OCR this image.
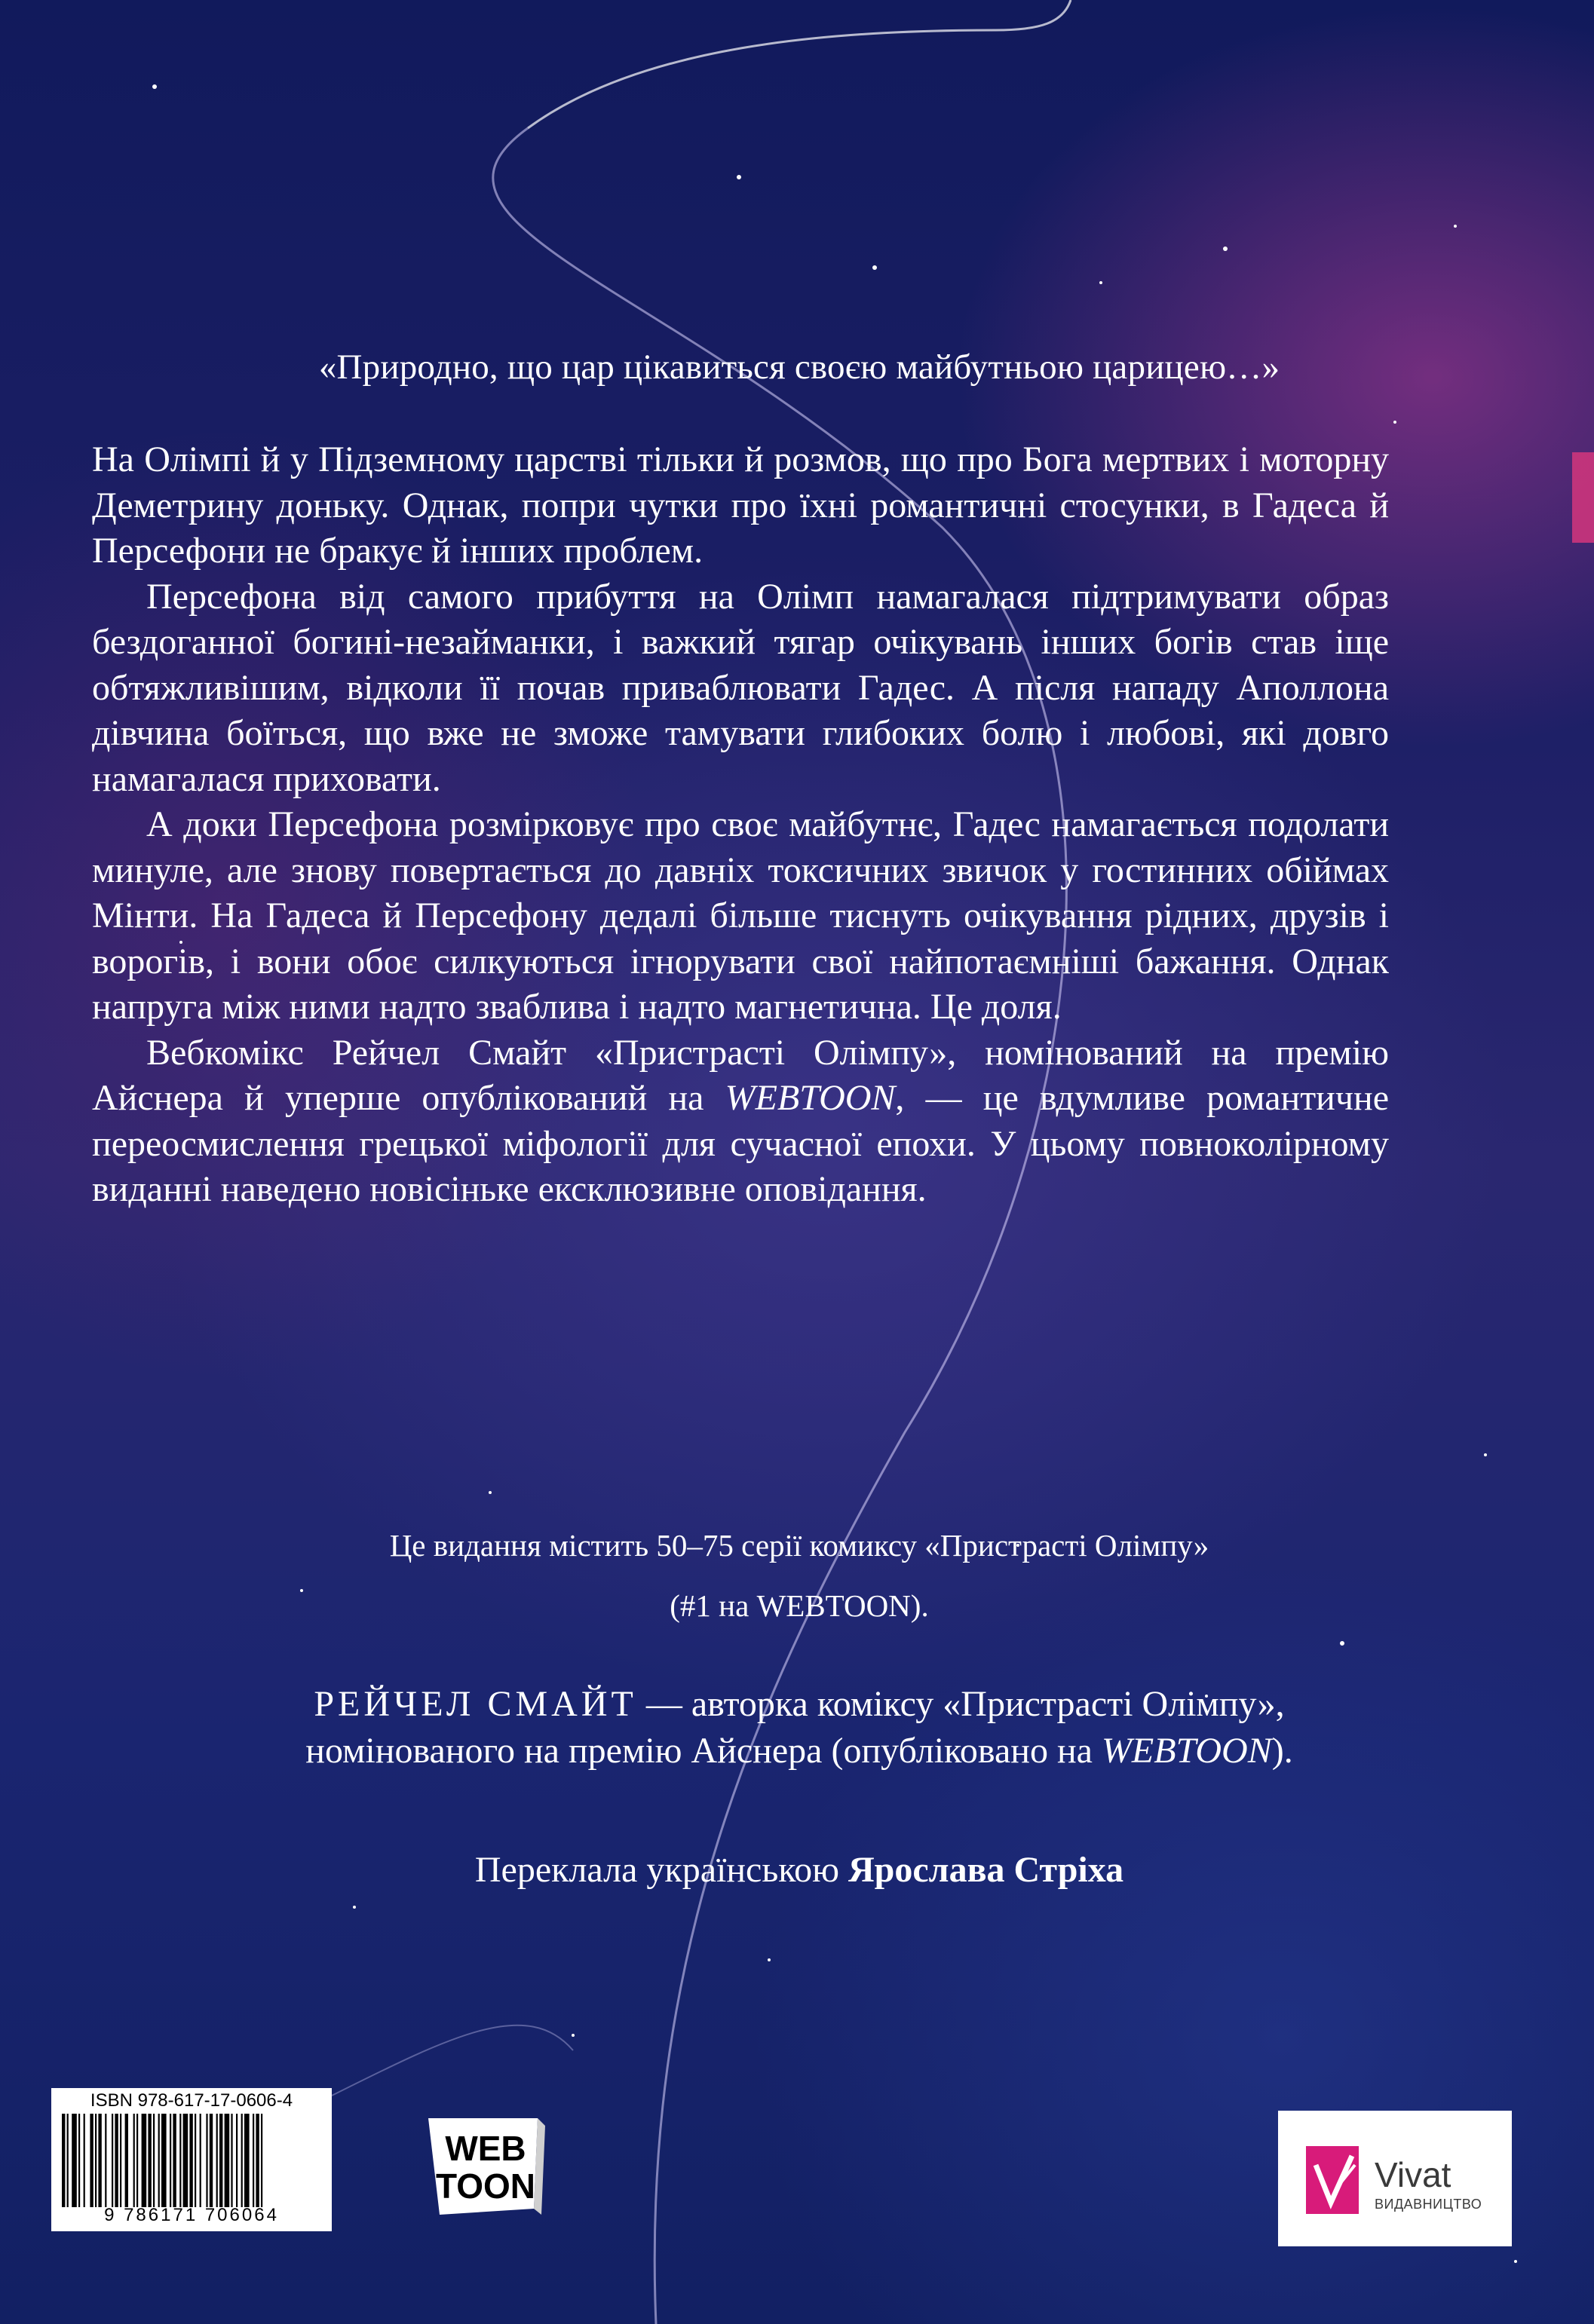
«Природно, що цар цікавиться своєю майбутньою царицею…»

На Олімпі й у Підземному царстві тільки й розмов, що про Бога мертвих і моторну Деметрину доньку. Однак, попри чутки про їхні романтичні стосунки, в Гадеса й Персефони не бракує й інших проблем.

Персефона від самого прибуття на Олімп намагалася підтримувати образ бездоганної богині-незайманки, і важкий тягар очікувань інших богів став іще обтяжливішим, відколи її почав приваблювати Гадес. А після нападу Аполлона дівчина боїться, що вже не зможе тамувати глибоких болю і любові, які довго намагалася приховати.

А доки Персефона розмірковує про своє майбутнє, Гадес намагається подолати минуле, але знову повертається до давніх токсичних звичок у гостинних обіймах Мінти. На Гадеса й Персефону дедалі більше тиснуть очікування рідних, друзів і ворогів, і вони обоє силкуються ігнорувати свої найпотаємніші бажання. Однак напруга між ними надто зваблива і надто магнетична. Це доля.

Вебкомікс Рейчел Смайт «Пристрасті Олімпу», номінований на премію Айснера й уперше опублікований на WEBTOON, — це вдумливе романтичне переосмислення грецької міфології для сучасної епохи. У цьому повноколірному виданні наведено новісіньке ексклюзивне оповідання.

Це видання містить 50–75 серії комиксу «Пристрасті Олімпу»
(#1 на WEBTOON).
РЕЙЧЕЛ СМАЙТ — авторка коміксу «Пристрасті Олімпу»,
номінованого на премію Айснера (опубліковано на WEBTOON).
Переклала українською Ярослава Стріха
ISBN 978-617-17-0606-4
9 786171 706064
WEB
TOON	Vivat
ВИДАВНИЦТВО
